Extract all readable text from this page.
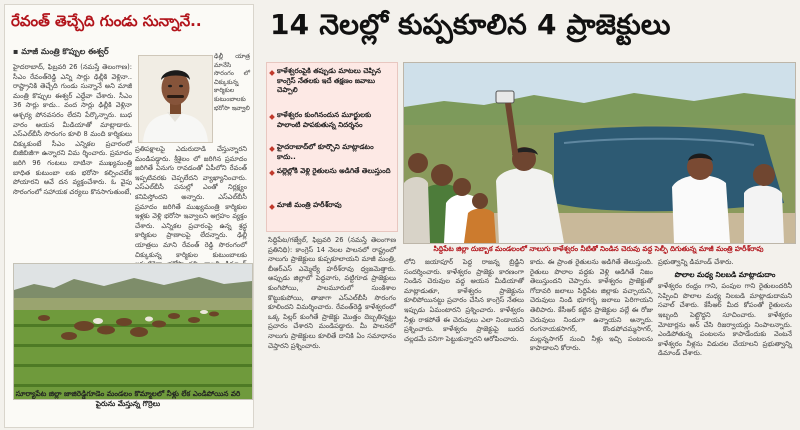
రేవంత్ తెచ్చేది గుండు సున్నానే..
▪ మాజీ మంత్రి కొప్పుల ఈశ్వర్
హైదరాబాద్, ఫిబ్రవరి 26 (నమస్తే తెలంగాణ): సీఎం రేవంత్‌రెడ్డి ఎన్ని సార్లు ఢిల్లీకి వెళ్లినా.. రాష్ట్రానికి తెచ్చేది గుండు సున్నానే అని మాజీ మంత్రి కొప్పుల ఈశ్వర్ ఎద్దేవా చేశారు. సీఎం 36 సార్లు కాదు.. వంద సార్లు ఢిల్లీకి వెళ్లినా ఆశ్చర్య పోనవసరం లేదని పేర్కొన్నారు. బుధ వారం ఆయన మీడియాతో మాట్లాడారు. ఎస్‌ఎల్‌బీసీ సొరంగం కూలి 8 మంది కార్మికులు చిక్కుకుంటే సీఎం ఎన్నికల ప్రచారంలో బిజీబిజీగా ఉన్నారని విమ ర్శించారు. ప్రమాదం జరిగి 96 గంటలు దాటినా ముఖ్యమంత్రి బాధిత కుటుంబా లకు భరోసా కల్పించలేక పోయారని ఆవే దన వ్యక్తంచేశారు. ఓ వైపు సొరంగంలో సహాయక చర్యలు కొనసాగుతుంటే,
ఢిల్లీ యాత్ర మానేసి సొరంగం లో చిక్కుకున్న కార్మికుల కుటుంబాలకు భరోసా ఇవ్వాలి
ప్రతిపక్షాలపై ఎదురుదాడి చేస్తున్నారని మండిపడ్డారు. శ్రీశైలం లో జరిగిన ప్రమాదం జరిగితే ఏనుగు రావడంతో ఏపీలోని రేవంత్ ఇప్పటివరకు చెప్పలేదని వ్యాఖ్యానించారు. ఎస్‌ఎల్‌బీసీ పనుల్లో ఎంతో నిర్లక్ష్యం కనిపిస్తోందని అన్నారు. ఎస్‌ఎల్‌బీసీ ప్రమాదం జరిగితే ముఖ్యమంత్రి కార్మికుల ఇళ్లకు వెళ్లి భరోసా ఇవ్వాలని ఆగ్రహం వ్యక్తం చేశారు. ఎన్నికల ప్రచారంపై ఉన్న శ్రద్ధ కార్మికుల ప్రాణాలపై లేదన్నారు. ఢిల్లీ యాత్రలు మాని రేవంత్ రెడ్డి సొరంగంలో చిక్కుకున్న కార్మికుల కుటుంబాలకు
సూర్యాపేట జిల్లా జాజిరెడ్డిగూడెం మండలం కొమ్మాలలో నీళ్లు లేక ఎండిపోయిన వరి పైరును మేస్తున్న గొర్రెలు
14 నెలల్లో కుప్పకూలిన 4 ప్రాజెక్టులు
కాళేశ్వరంపైకి తప్పుడు మాటలు చెప్పిన కాంగ్రెస్ నేతలకు ఇదే తక్షణం జవాబు చెప్పాలి
కాళేశ్వరం కుంగినందున మూర్ఖులకు పాలాంటి పాపకుతున్న నిదర్శనం
హైదరాబాద్‌లో కూర్చొని మాట్లాడటం కాదు..
పల్లెల్లోకి వెళ్లి రైతులను అడిగితే తెలుస్తుంది
మాజీ మంత్రి హరీశ్‌రావు
సిద్దిపేట జిల్లా దుబ్బాక మండలంలో నాలుగు కాళేశ్వరం నీటితో నిండిన చెరువు వద్ద సెల్ఫీ దిగుతున్న మాజీ మంత్రి హరీశ్‌రావు
సిద్దిపేట/గజ్వేల్, ఫిబ్రవరి 26 (నమస్తే తెలంగాణ ప్రతినిధి): కాంగ్రెస్ 14 నెలల పాలనలో రాష్ట్రంలో నాలుగు ప్రాజెక్టులు కుప్పకూలాయని మాజీ మంత్రి, బీఆర్‌ఎస్ ఎమ్మెల్యే హరీశ్‌రావు ధ్వజమెత్తారు. అప్పుడు జిల్లాలో పెద్దవాగు, వట్టిగూడ ప్రాజెక్టులు కుంగిపోయి, పాలమూరులో సుంకిశాల కొట్టుకుపోయి, తాజాగా ఎస్‌ఎల్‌బీసీ సొరంగం కూలిందని విమర్శించారు. రేవంత్‌రెడ్డి కాళేశ్వరంలో ఒక్క పిల్లర్ కుంగితే ప్రాజెక్టు మొత్తం దెబ్బతిన్నట్టు ప్రచారం చేశారని మండిపడ్డారు. మీ పాలనలో నాలుగు ప్రాజెక్టులు కూలితే దానికి ఏం సమాధానం చెప్తారని ప్రశ్నించారు.
లోని జయాపూర్ పెద్ద రాజన్న బ్రిడ్జిని సందర్శించారు. కాళేశ్వరం ప్రాజెక్టు కారణంగా నిండిన చెరువుల వద్ద ఆయన మీడియాతో మాట్లాడుతూ, కాళేశ్వరం ప్రాజెక్టును కూలిపోయినట్టు ప్రచారం చేసిన కాంగ్రెస్ నేతలు ఇప్పుడు ఏమంటారని ప్రశ్నించారు. కాళేశ్వరం నీళ్లు రాకపోతే ఈ చెరువులు ఎలా నిండాయని ప్రశ్నించారు. కాళేశ్వరం ప్రాజెక్టుపై బురద చల్లడమే పనిగా పెట్టుకున్నారని ఆరోపించారు.
కాదు. ఈ ప్రాంత రైతులను అడిగితే తెలుస్తుంది. రైతులు పొలాల వద్దకు వెళ్లి అడిగితే నిజం తెలుస్తుందని చెప్పారు. కాళేశ్వరం ప్రాజెక్టుతో గోదావరి జలాలు సిద్దిపేట జిల్లాకు వచ్చాయని, చెరువులు నిండి భూగర్భ జలాలు పెరిగాయని తెలిపారు. కేసీఆర్ కట్టిన ప్రాజెక్టుల వల్లే ఈ రోజు చెరువులు నిండుగా ఉన్నాయని అన్నారు. రంగనాయకసాగర్, కొండపోచమ్మసాగర్, మల్లన్నసాగర్ నుంచి నీళ్లు ఇచ్చి పంటలను కాపాడాలని కోరారు.
ప్రభుత్వాన్ని డిమాండ్ చేశారు.
పొలాల మధ్య నిలబడి మాట్లాడుదాం
కాళేశ్వరం రంధ్రం గాని, పంపుల గాని రైతులందరినీ సెప్పించి పొలాల మధ్య నిలబడి మాట్లాడుదామని సవాల్ చేశారు. కేసీఆర్ మీద కోపంతో రైతులను ఇబ్బంది పెట్టొద్దని సూచించారు. కాళేశ్వరం మోటార్లను ఆన్ చేసి రిజర్వాయర్లు నింపాలన్నారు. ఎండిపోతున్న పంటలను కాపాడేందుకు వెంటనే కాళేశ్వరం నీళ్లను విడుదల చేయాలని ప్రభుత్వాన్ని డిమాండ్ చేశారు.
